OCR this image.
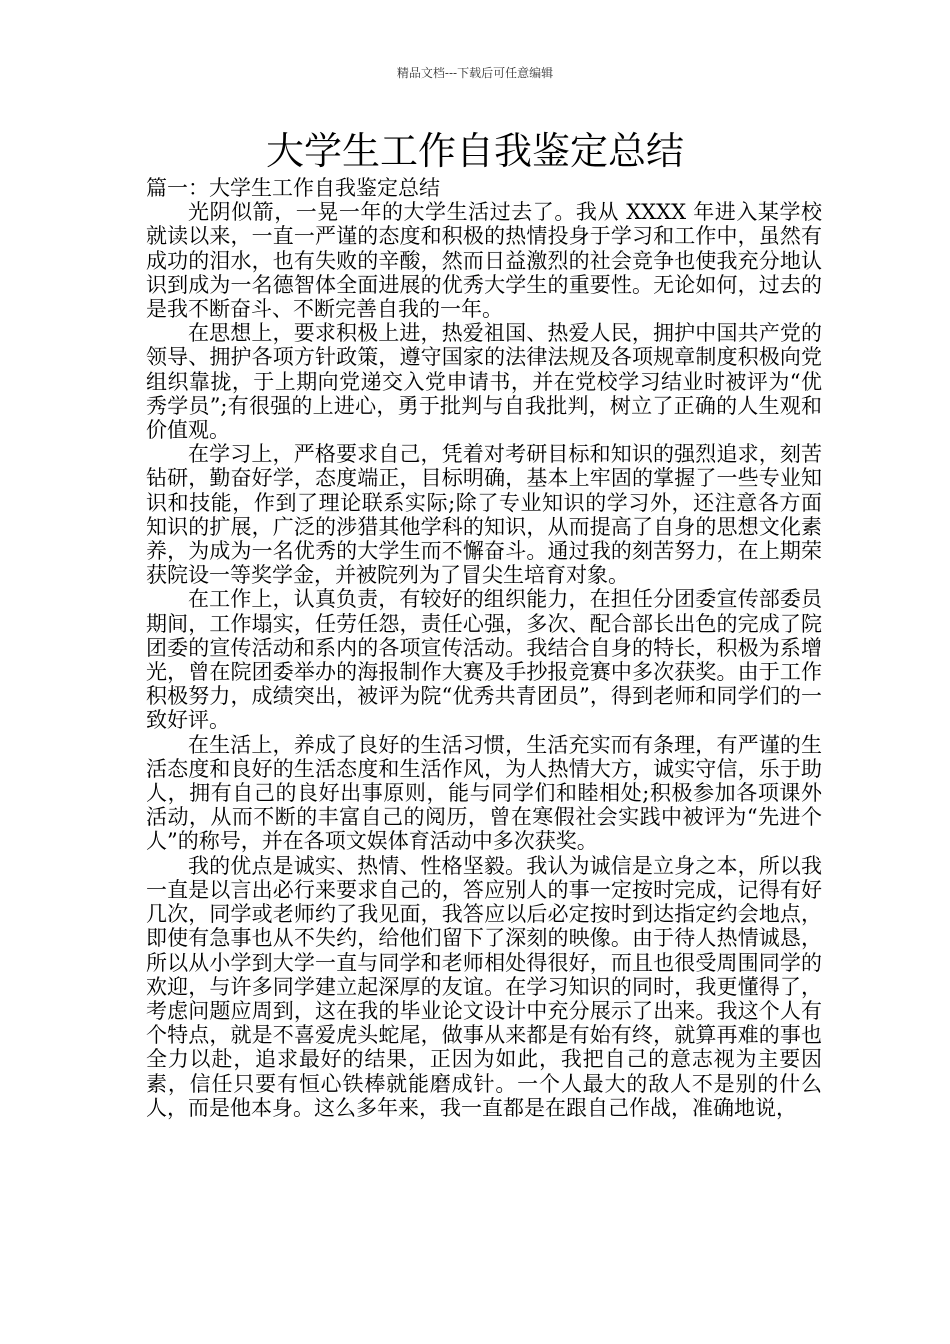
精品文档---下载后可任意编辑
大学生工作自我鉴定总结

篇一：大学生工作自我鉴定总结

光阴似箭，一晃一年的大学生活过去了。我从 XXXX 年进入某学校就读以来，一直一严谨的态度和积极的热情投身于学习和工作中，虽然有成功的泪水，也有失败的辛酸，然而日益激烈的社会竞争也使我充分地认识到成为一名德智体全面进展的优秀大学生的重要性。无论如何，过去的是我不断奋斗、不断完善自我的一年。

在思想上，要求积极上进，热爱祖国、热爱人民，拥护中国共产党的领导、拥护各项方针政策，遵守国家的法律法规及各项规章制度积极向党组织靠拢，于上期向党递交入党申请书，并在党校学习结业时被评为“优秀学员”;有很强的上进心，勇于批判与自我批判，树立了正确的人生观和价值观。

在学习上，严格要求自己，凭着对考研目标和知识的强烈追求，刻苦钻研，勤奋好学，态度端正，目标明确，基本上牢固的掌握了一些专业知识和技能，作到了理论联系实际;除了专业知识的学习外，还注意各方面知识的扩展，广泛的涉猎其他学科的知识，从而提高了自身的思想文化素养，为成为一名优秀的大学生而不懈奋斗。通过我的刻苦努力，在上期荣获院设一等奖学金，并被院列为了冒尖生培育对象。

在工作上，认真负责，有较好的组织能力，在担任分团委宣传部委员期间，工作塌实，任劳任怨，责任心强，多次、配合部长出色的完成了院团委的宣传活动和系内的各项宣传活动。我结合自身的特长，积极为系增光，曾在院团委举办的海报制作大赛及手抄报竞赛中多次获奖。由于工作积极努力，成绩突出，被评为院“优秀共青团员”，得到老师和同学们的一致好评。

在生活上，养成了良好的生活习惯，生活充实而有条理，有严谨的生活态度和良好的生活态度和生活作风，为人热情大方，诚实守信，乐于助人，拥有自己的良好出事原则，能与同学们和睦相处;积极参加各项课外活动，从而不断的丰富自己的阅历，曾在寒假社会实践中被评为“先进个人”的称号，并在各项文娱体育活动中多次获奖。

我的优点是诚实、热情、性格坚毅。我认为诚信是立身之本，所以我一直是以言出必行来要求自己的，答应别人的事一定按时完成，记得有好几次，同学或老师约了我见面，我答应以后必定按时到达指定约会地点，即使有急事也从不失约，给他们留下了深刻的映像。由于待人热情诚恳，所以从小学到大学一直与同学和老师相处得很好，而且也很受周围同学的欢迎，与许多同学建立起深厚的友谊。在学习知识的同时，我更懂得了，考虑问题应周到，这在我的毕业论文设计中充分展示了出来。我这个人有个特点，就是不喜爱虎头蛇尾，做事从来都是有始有终，就算再难的事也全力以赴，追求最好的结果，正因为如此，我把自己的意志视为主要因素，信任只要有恒心铁棒就能磨成针。一个人最大的敌人不是别的什么人，而是他本身。这么多年来，我一直都是在跟自己作战，准确地说，
